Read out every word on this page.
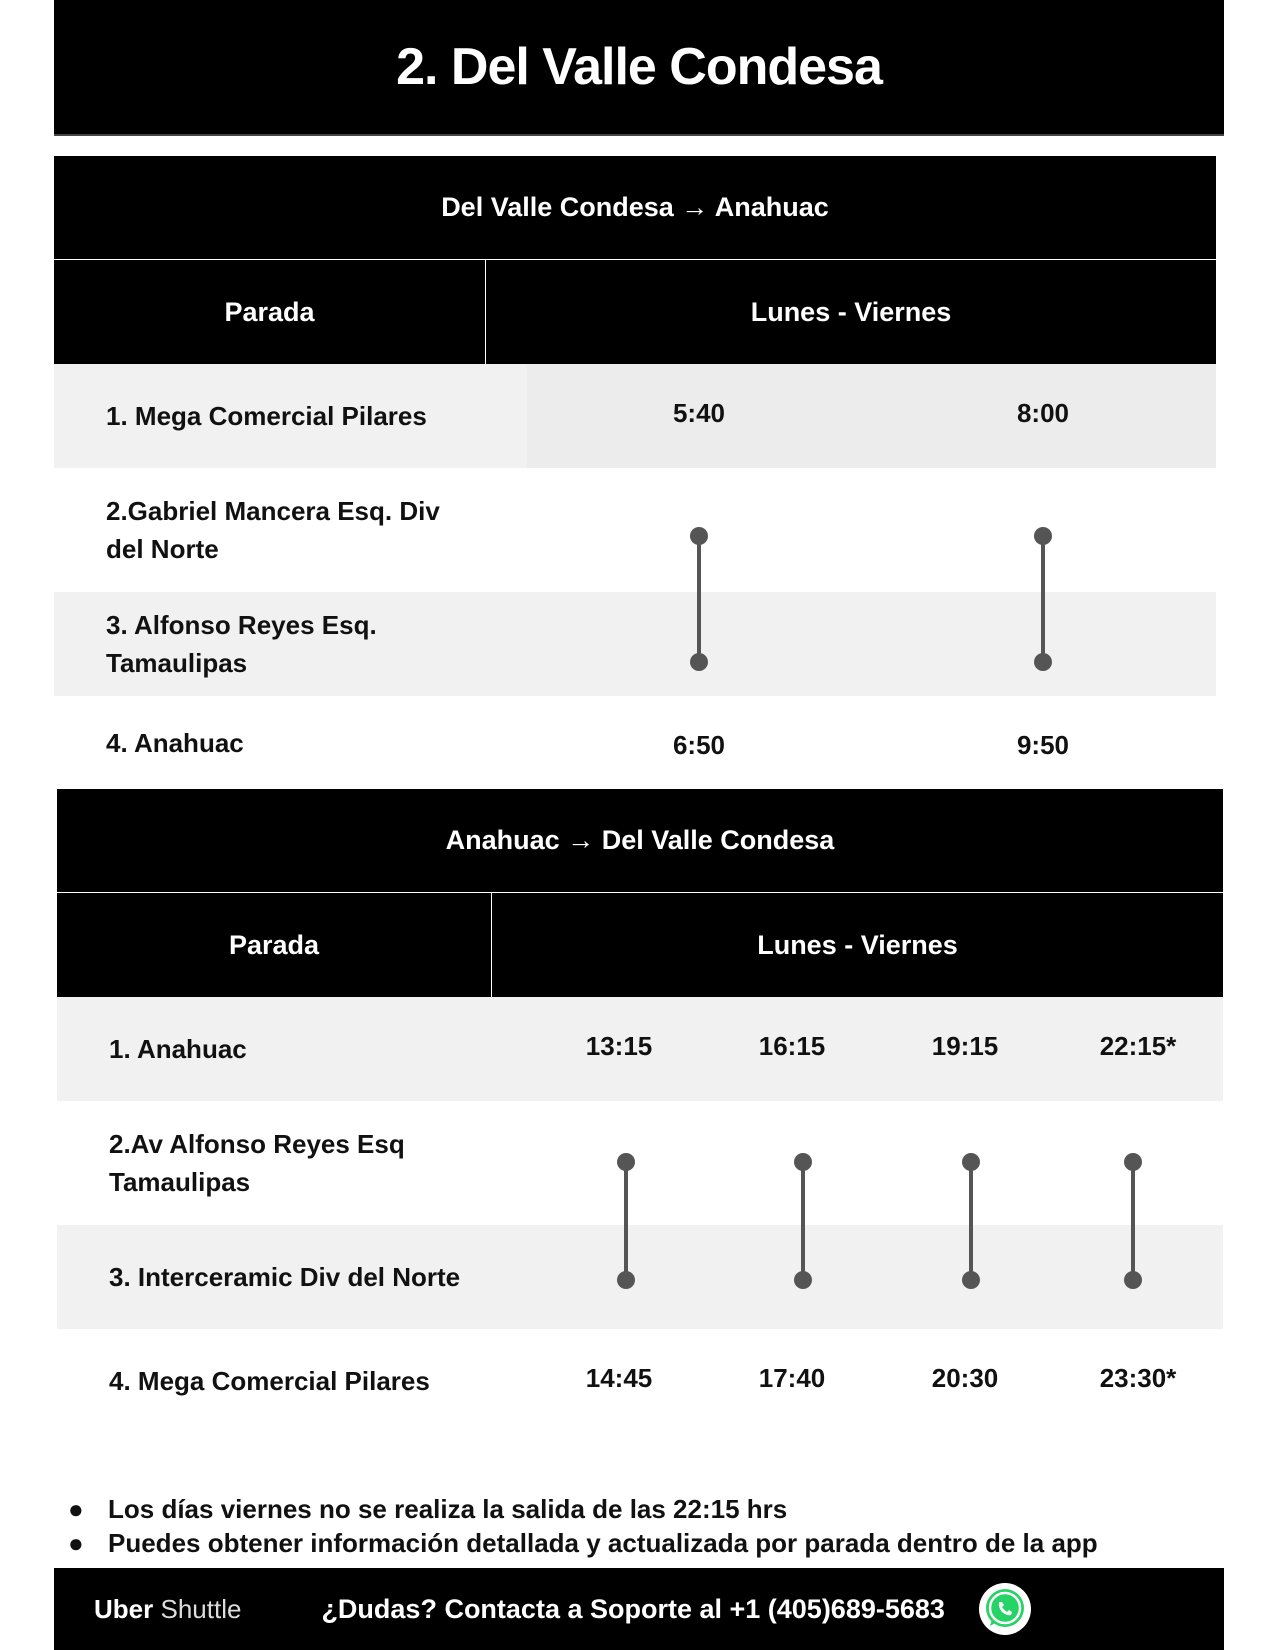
2. Del Valle Condesa
Del Valle Condesa → Anahuac
Parada	Lunes - Viernes
1. Mega Comercial Pilares	5:40	8:00
2.Gabriel Mancera Esq. Div del Norte
3. Alfonso Reyes Esq. Tamaulipas
4. Anahuac	6:50	9:50
Anahuac → Del Valle Condesa
Parada	Lunes - Viernes
1. Anahuac	13:15	16:15	19:15	22:15*
2.Av Alfonso Reyes Esq Tamaulipas
3. Interceramic Div del Norte
4. Mega Comercial Pilares	14:45	17:40	20:30	23:30*
● Los días viernes no se realiza la salida de las 22:15 hrs
● Puedes obtener información detallada y actualizada por parada dentro de la app
Uber Shuttle	¿Dudas? Contacta a Soporte al +1 (405)689-5683
